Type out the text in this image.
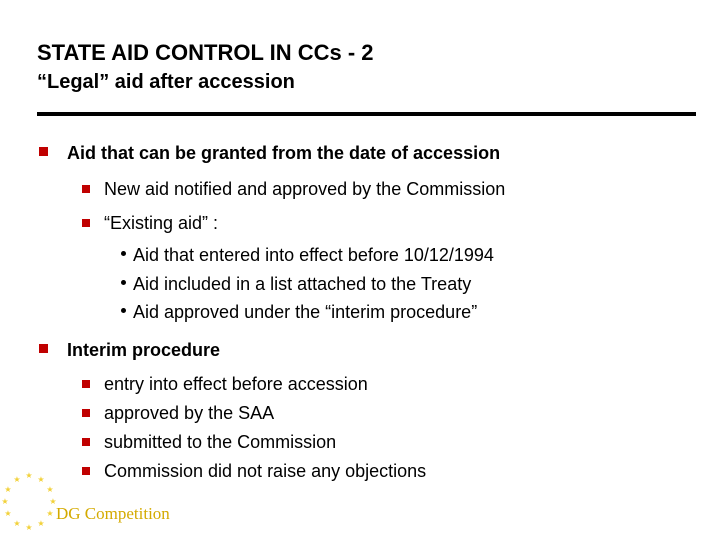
STATE AID CONTROL IN CCs - 2
“Legal” aid after accession
Aid that can be granted from the date of accession
New aid notified and approved by the Commission
“Existing aid” :
Aid that entered into effect before 10/12/1994
Aid included in a list attached to the Treaty
Aid approved under the “interim procedure”
Interim procedure
entry into effect before accession
approved by the SAA
submitted to the Commission
Commission did not raise any objections
★ ★
★
★
★
★
★
★
★
★
★
★
DG Competition
